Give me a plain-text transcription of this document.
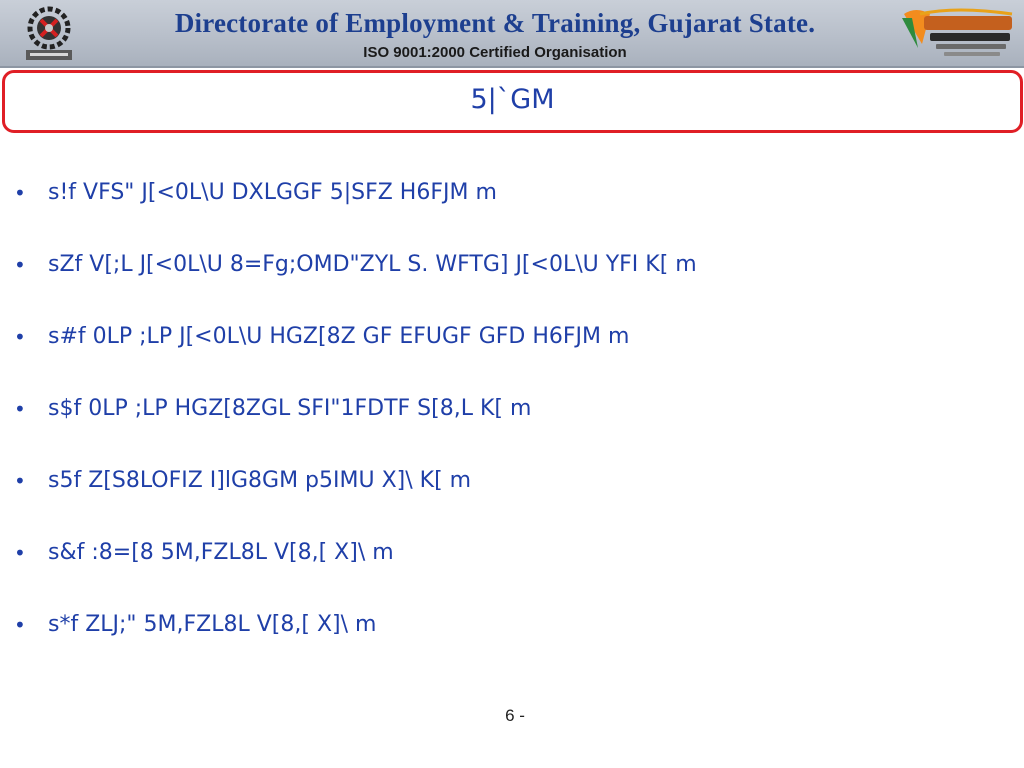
Directorate of Employment & Training, Gujarat State.
ISO 9001:2000 Certified Organisation
5|`GM
• s!f VFS" J[<0L\U DXLGGF 5|SFZ H6FJM m
• sZf V[;L J[<0L\U 8=Fg;OMD"ZYL S. WFTG] J[<0L\U YFI K[ m
• s#f 0LP ;LP J[<0L\U HGZ[8Z GF EFUGF GFD H6FJM m
• s$f 0LP ;LP HGZ[8ZGL SFI"1FDTF S[8,L K[ m
• s5f Z[S8LOFIZ I]lG8GM p5IMU X]\ K[ m
• s&f :8=[8 5M,FZL8L V[8,[ X]\ m
• s*f ZLJ;" 5M,FZL8L V[8,[ X]\ m
6 -
